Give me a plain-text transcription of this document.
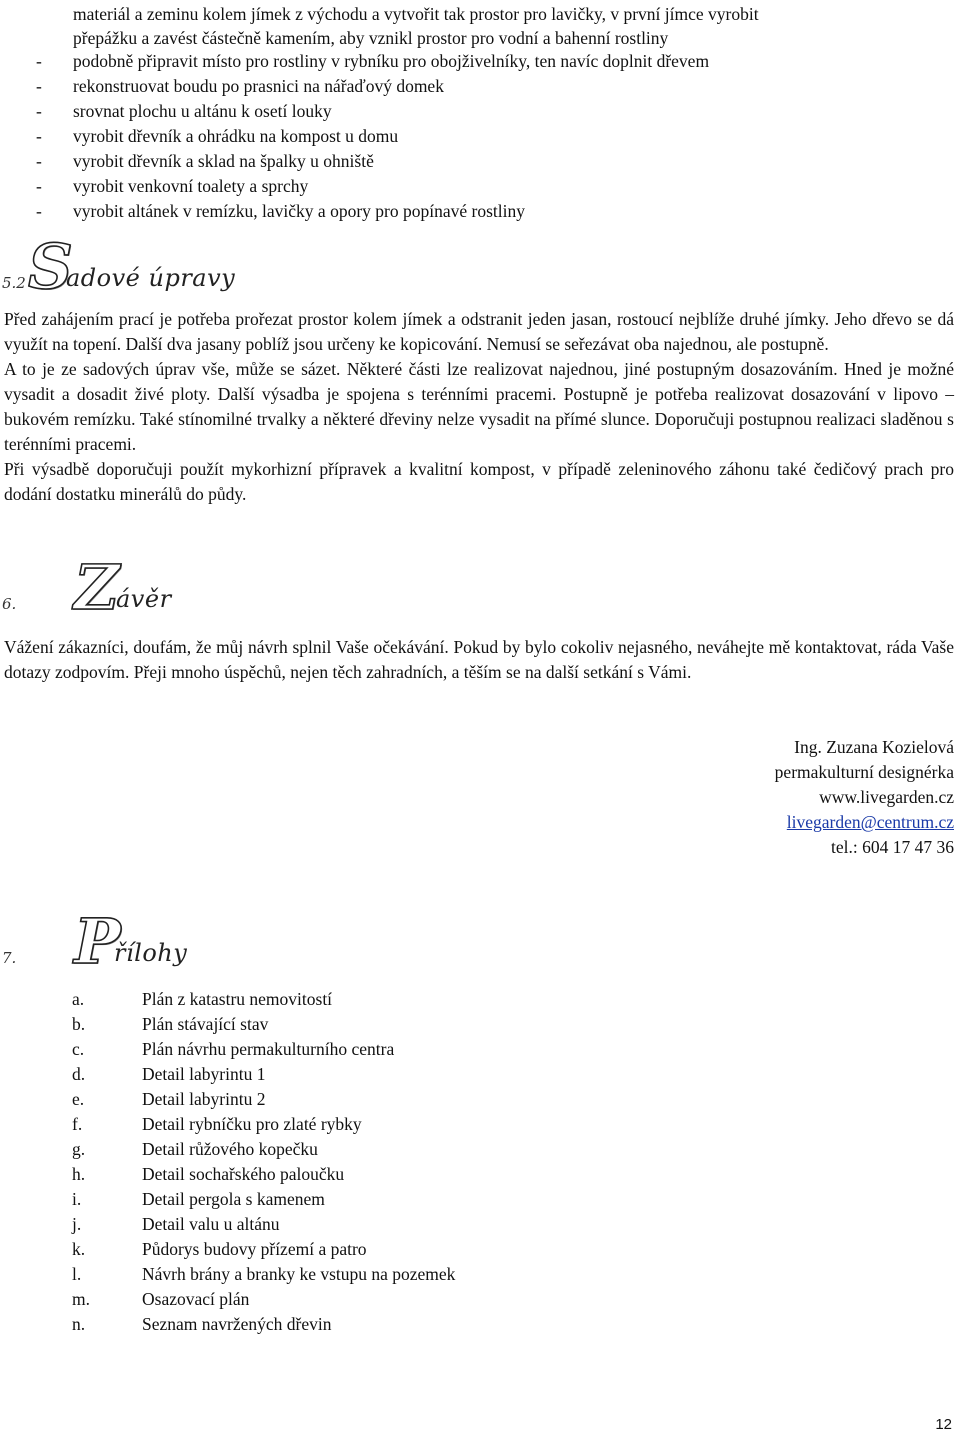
materiál a zeminu kolem jímek z východu a vytvořit tak prostor pro lavičky, v první jímce vyrobit
přepážku a zavést částečně kamením, aby vznikl prostor pro vodní a bahenní rostliny
- podobně připravit místo pro rostliny v rybníku pro obojživelníky, ten navíc doplnit dřevem
- rekonstruovat boudu po prasnici na nářaďový domek
- srovnat plochu u altánu k osetí louky
- vyrobit dřevník a ohrádku na kompost u domu
- vyrobit dřevník a sklad na špalky u ohniště
- vyrobit venkovní toalety a sprchy
- vyrobit altánek v remízku, lavičky a opory pro popínavé rostliny
5.2 S
adové úpravy

Před zahájením prací je potřeba prořezat prostor kolem jímek a odstranit jeden jasan, rostoucí nejblíže druhé jímky. Jeho dřevo se dá využít na topení. Další dva jasany poblíž jsou určeny ke kopicování. Nemusí se seřezávat oba najednou, ale postupně.

A to je ze sadových úprav vše, může se sázet. Některé části lze realizovat najednou, jiné postupným dosazováním. Hned je možné vysadit a dosadit živé ploty. Další výsadba je spojena s terénními pracemi. Postupně je potřeba realizovat dosazování v lipovo – bukovém remízku. Také stínomilné trvalky a některé dřeviny nelze vysadit na přímé slunce. Doporučuji postupnou realizaci sladěnou s terénními pracemi.

Při výsadbě doporučuji použít mykorhizní přípravek a kvalitní kompost, v případě zeleninového záhonu také čedičový prach pro dodání dostatku minerálů do půdy.

6. Z
ávěr

Vážení zákazníci, doufám, že můj návrh splnil Vaše očekávání. Pokud by bylo cokoliv nejasného, neváhejte mě kontaktovat, ráda Vaše dotazy zodpovím. Přeji mnoho úspěchů, nejen těch zahradních, a těším se na další setkání s Vámi.

Ing. Zuzana Kozielová
permakulturní designérka
www.livegarden.cz
livegarden@centrum.cz
tel.: 604 17 47 36
7. P
řílohy
a.	Plán z katastru nemovitostí
b.	Plán stávající stav
c.	Plán návrhu permakulturního centra
d.	Detail labyrintu 1
e.	Detail labyrintu 2
f.	Detail rybníčku pro zlaté rybky
g.	Detail růžového kopečku
h.	Detail sochařského paloučku
i.	Detail pergola s kamenem
j.	Detail valu u altánu
k.	Půdorys budovy přízemí a patro
l.	Návrh brány a branky ke vstupu na pozemek
m.	Osazovací plán
n.	Seznam navržených dřevin
12
